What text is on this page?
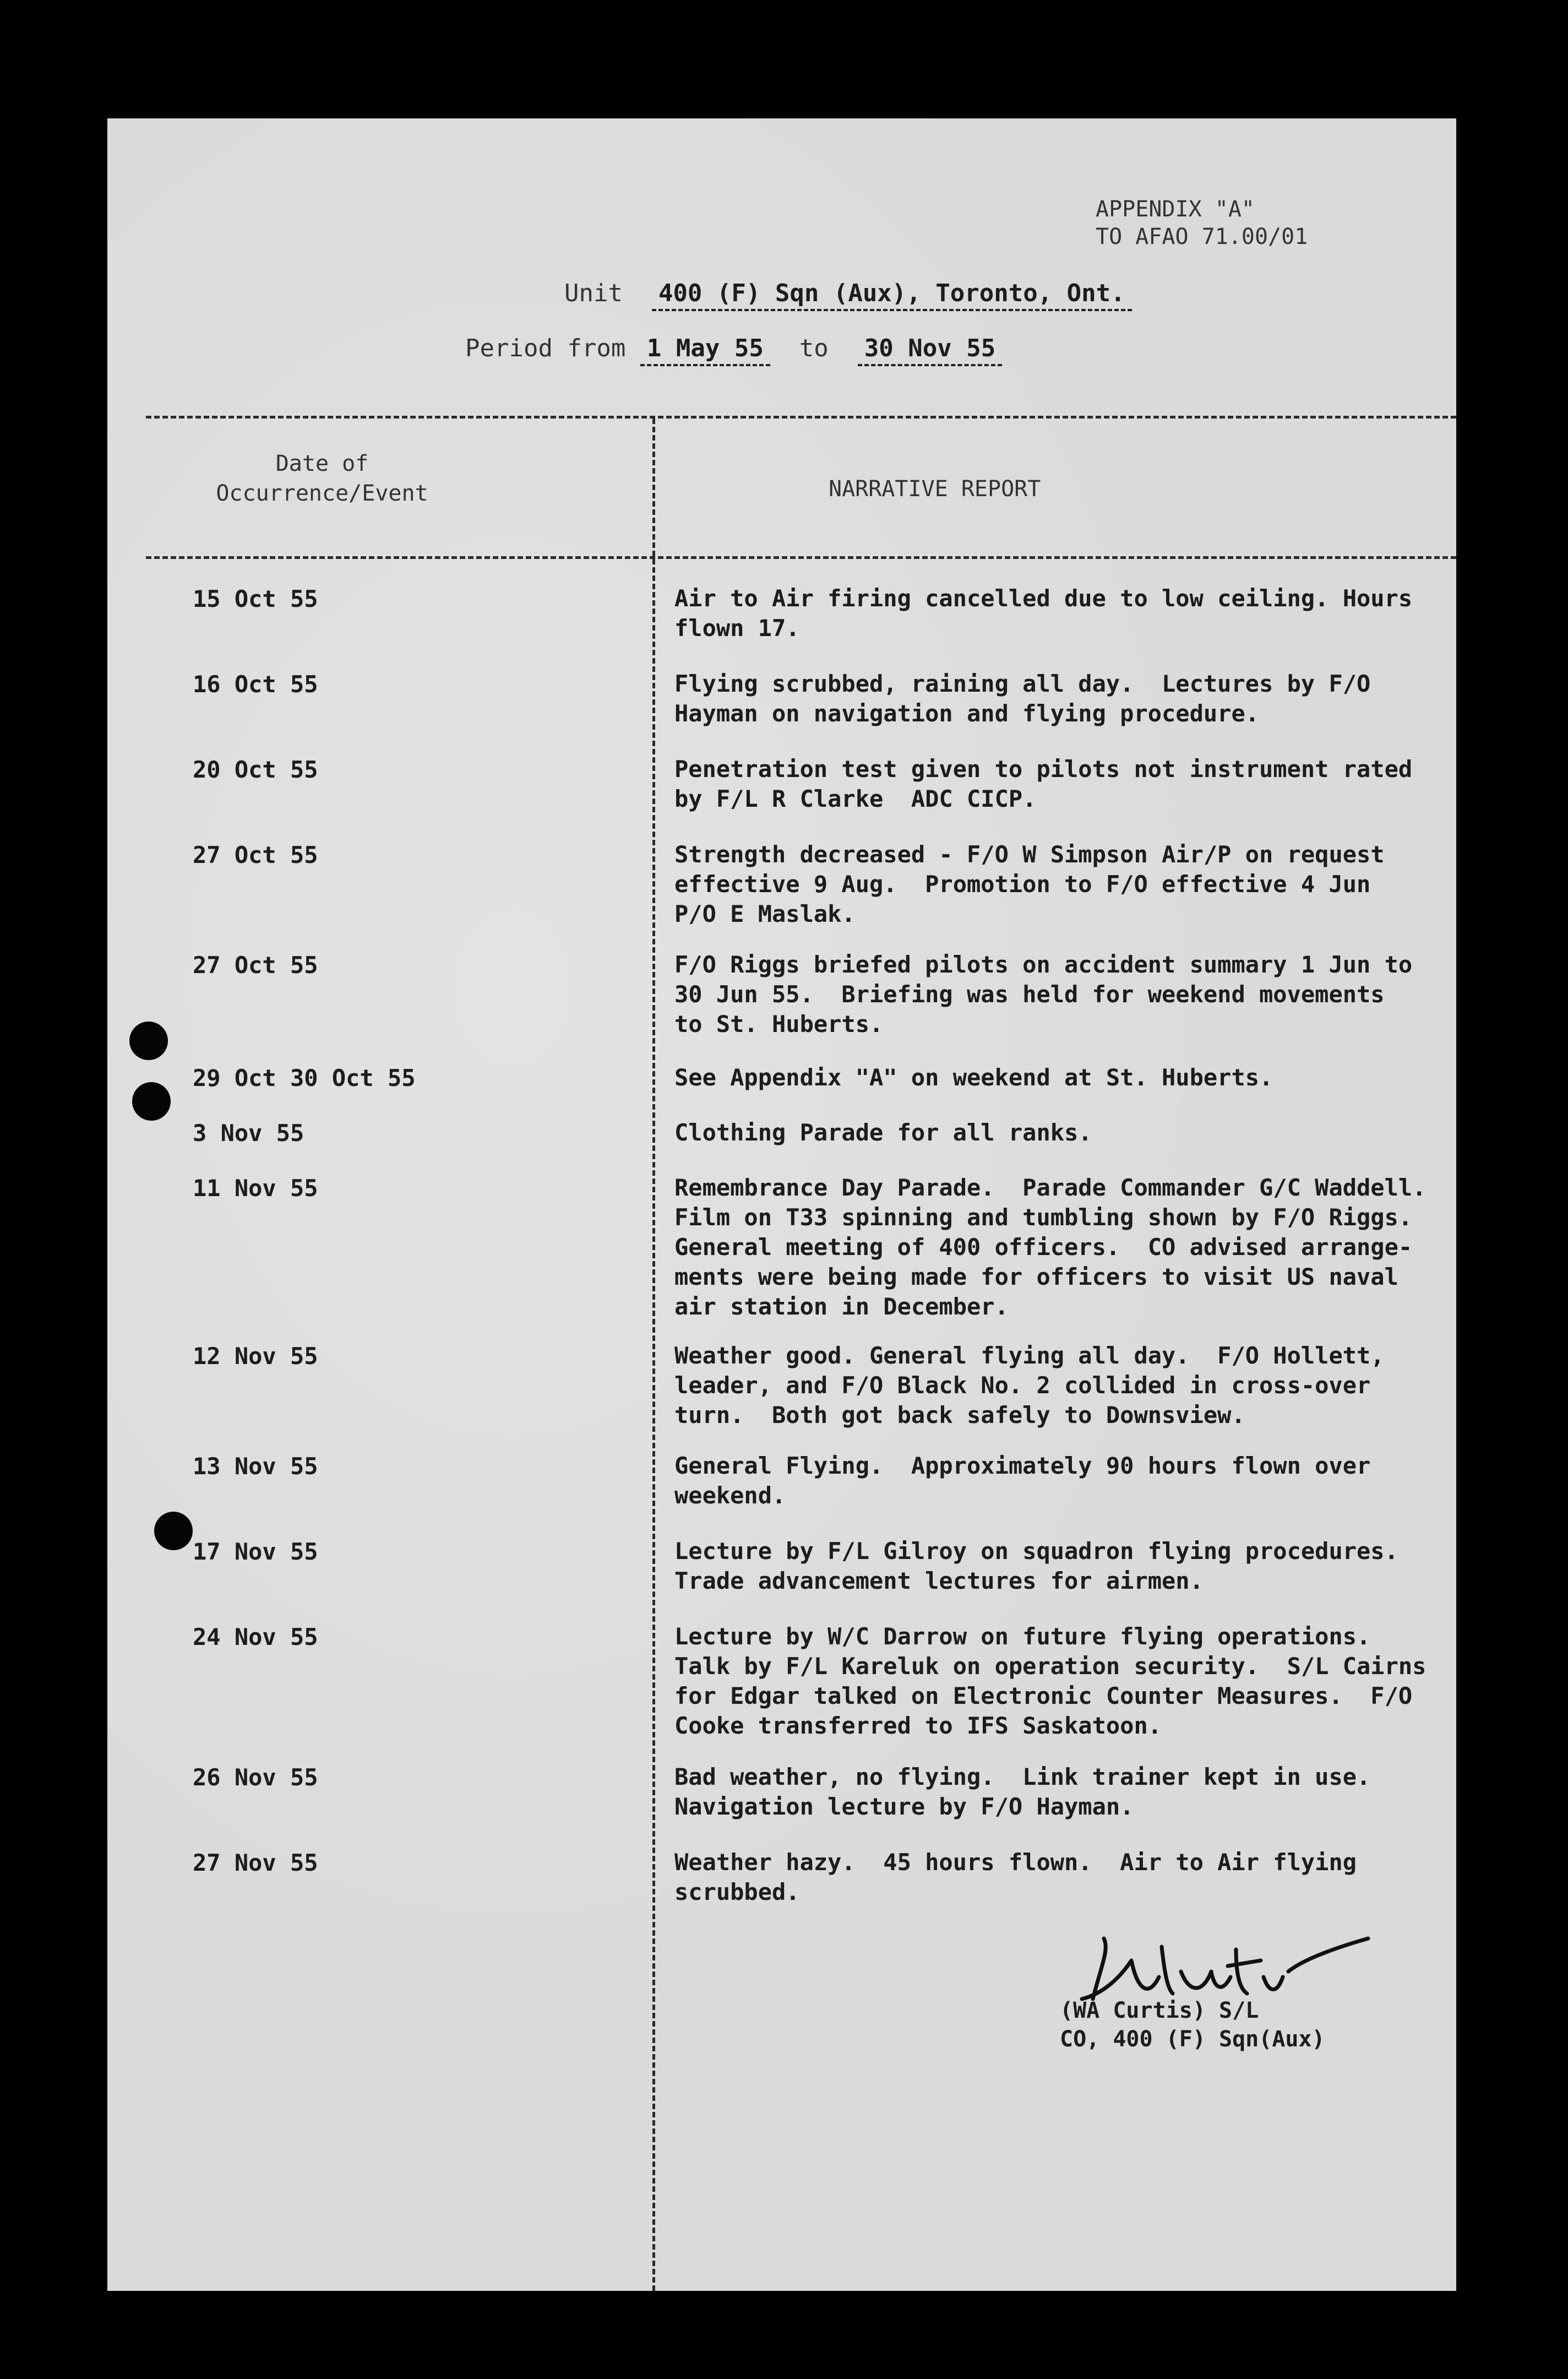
APPENDIX "A"
TO AFAO 71.00/01
Unit 400 (F) Sqn (Aux), Toronto, Ont.
Period from 1 May 55 to 30 Nov 55
Date of Occurrence/Event	NARRATIVE REPORT
15 Oct 55	Air to Air firing cancelled due to low ceiling. Hours
flown 17.
16 Oct 55	Flying scrubbed, raining all day.  Lectures by F/O
Hayman on navigation and flying procedure.
20 Oct 55	Penetration test given to pilots not instrument rated
by F/L R Clarke  ADC CICP.
27 Oct 55	Strength decreased - F/O W Simpson Air/P on request
effective 9 Aug.  Promotion to F/O effective 4 Jun
P/O E Maslak.
27 Oct 55	F/O Riggs briefed pilots on accident summary 1 Jun to
30 Jun 55.  Briefing was held for weekend movements
to St. Huberts.
29 Oct 30 Oct 55	See Appendix "A" on weekend at St. Huberts.
3 Nov 55	Clothing Parade for all ranks.
11 Nov 55	Remembrance Day Parade.  Parade Commander G/C Waddell.
Film on T33 spinning and tumbling shown by F/O Riggs.
General meeting of 400 officers.  CO advised arrange-
ments were being made for officers to visit US naval
air station in December.
12 Nov 55	Weather good. General flying all day.  F/O Hollett,
leader, and F/O Black No. 2 collided in cross-over
turn.  Both got back safely to Downsview.
13 Nov 55	General Flying.  Approximately 90 hours flown over
weekend.
17 Nov 55	Lecture by F/L Gilroy on squadron flying procedures.
Trade advancement lectures for airmen.
24 Nov 55	Lecture by W/C Darrow on future flying operations.
Talk by F/L Kareluk on operation security.  S/L Cairns
for Edgar talked on Electronic Counter Measures.  F/O
Cooke transferred to IFS Saskatoon.
26 Nov 55	Bad weather, no flying.  Link trainer kept in use.
Navigation lecture by F/O Hayman.
27 Nov 55	Weather hazy.  45 hours flown.  Air to Air flying
scrubbed.
(WA Curtis) S/L
CO, 400 (F) Sqn(Aux)
